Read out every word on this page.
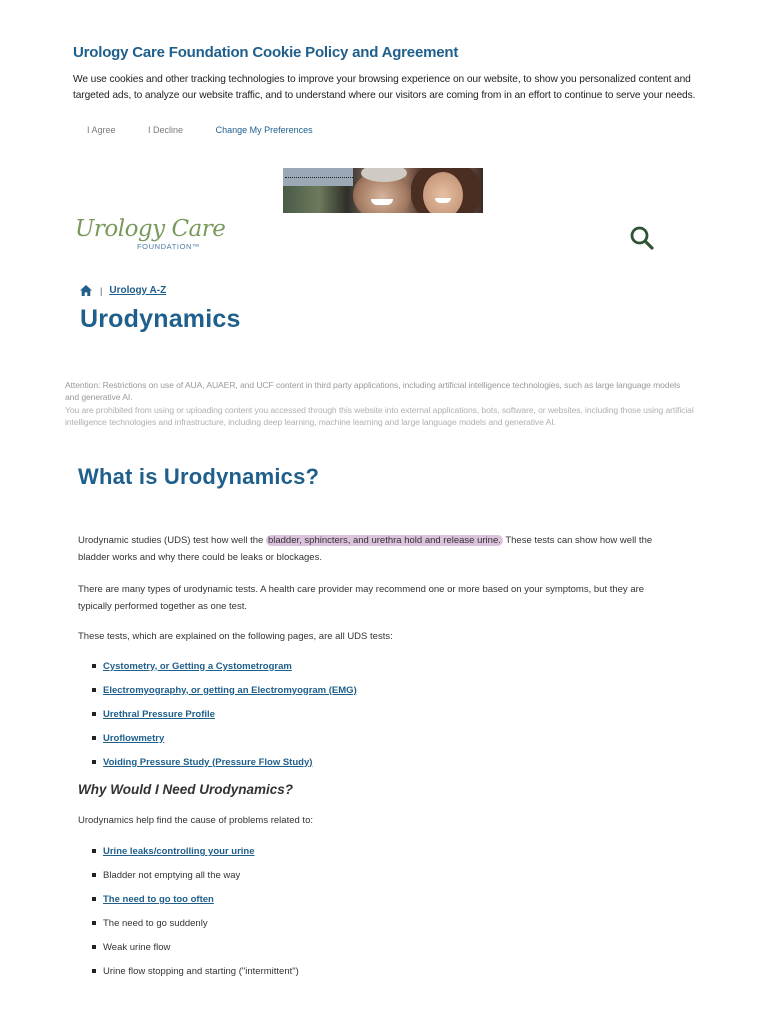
Urology Care Foundation Cookie Policy and Agreement
We use cookies and other tracking technologies to improve your browsing experience on our website, to show you personalized content and targeted ads, to analyze our website traffic, and to understand where our visitors are coming from in an effort to continue to serve your needs.
I Agree	I Decline	Change My Preferences
Urology Care
FOUNDATION™
| Urology A-Z
Urodynamics

Attention: Restrictions on use of AUA, AUAER, and UCF content in third party applications, including artificial intelligence technologies, such as large language models and generative AI.

You are prohibited from using or uploading content you accessed through this website into external applications, bots, software, or websites, including those using artificial intelligence technologies and infrastructure, including deep learning, machine learning and large language models and generative AI.

What is Urodynamics?

Urodynamic studies (UDS) test how well the bladder, sphincters, and urethra hold and release urine. These tests can show how well the bladder works and why there could be leaks or blockages.

There are many types of urodynamic tests. A health care provider may recommend one or more based on your symptoms, but they are typically performed together as one test.

These tests, which are explained on the following pages, are all UDS tests:

Cystometry, or Getting a Cystometrogram
Electromyography, or getting an Electromyogram (EMG)
Urethral Pressure Profile
Uroflowmetry
Voiding Pressure Study (Pressure Flow Study)
Why Would I Need Urodynamics?

Urodynamics help find the cause of problems related to:

Urine leaks/controlling your urine
Bladder not emptying all the way
The need to go too often
The need to go suddenly
Weak urine flow
Urine flow stopping and starting ("intermittent")
